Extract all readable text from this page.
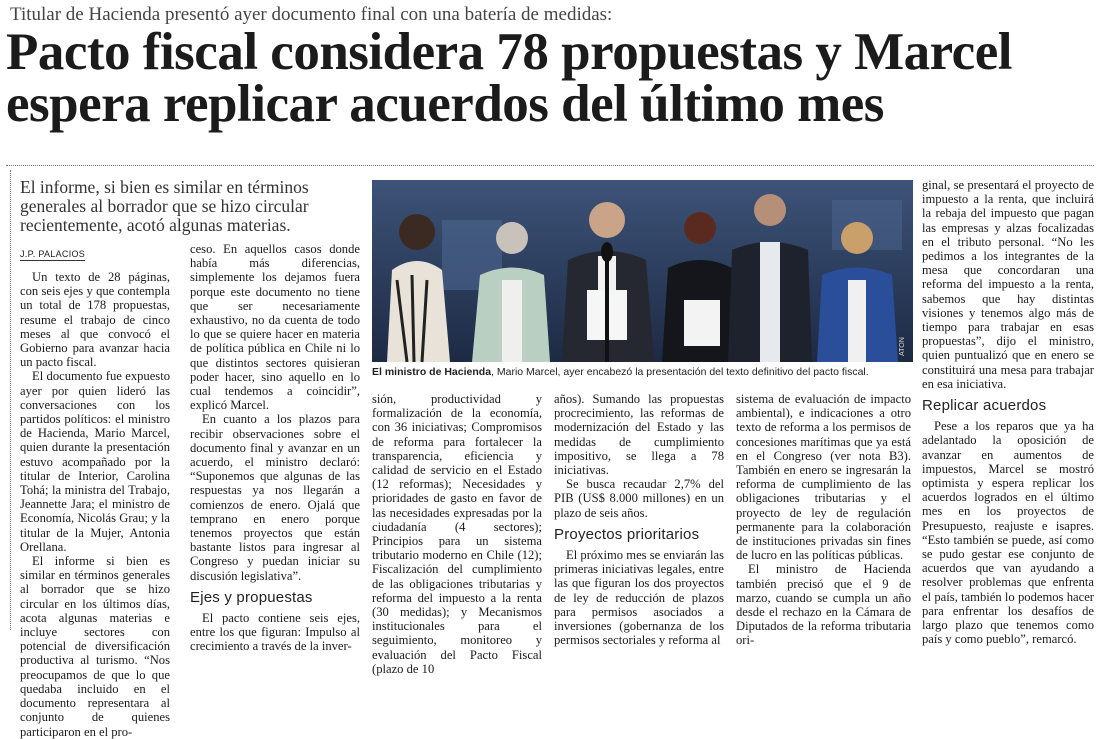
Titular de Hacienda presentó ayer documento final con una batería de medidas:
Pacto fiscal considera 78 propuestas y Marcel espera replicar acuerdos del último mes
El informe, si bien es similar en términos generales al borrador que se hizo circular recientemente, acotó algunas materias.
J.P. PALACIOS

Un texto de 28 páginas, con seis ejes y que contempla un total de 178 propuestas, resume el trabajo de cinco meses al que convocó el Gobierno para avanzar hacia un pacto fiscal.

El documento fue expuesto ayer por quien lideró las conversaciones con los partidos políticos: el ministro de Hacienda, Mario Marcel, quien durante la presentación estuvo acompañado por la titular de Interior, Carolina Tohá; la ministra del Trabajo, Jeannette Jara; el ministro de Economía, Nicolás Grau; y la titular de la Mujer, Antonia Orellana.

El informe si bien es similar en términos generales al borrador que se hizo circular en los últimos días, acota algunas materias e incluye sectores con potencial de diversificación productiva al turismo. “Nos preocupamos de que lo que quedaba incluido en el documento representara al conjunto de quienes participaron en el pro-

ceso. En aquellos casos donde había más diferencias, simplemente los dejamos fuera porque este documento no tiene que ser necesariamente exhaustivo, no da cuenta de todo lo que se quiere hacer en materia de política pública en Chile ni lo que distintos sectores quisieran poder hacer, sino aquello en lo cual tendemos a coincidir”, explicó Marcel.

En cuanto a los plazos para recibir observaciones sobre el documento final y avanzar en un acuerdo, el ministro declaró: “Suponemos que algunas de las respuestas ya nos llegarán a comienzos de enero. Ojalá que temprano en enero porque tenemos proyectos que están bastante listos para ingresar al Congreso y puedan iniciar su discusión legislativa”.

Ejes y propuestas

El pacto contiene seis ejes, entre los que figuran: Impulso al crecimiento a través de la inver-

ATON
El ministro de Hacienda, Mario Marcel, ayer encabezó la presentación del texto definitivo del pacto fiscal.

sión, productividad y formalización de la economía, con 36 iniciativas; Compromisos de reforma para fortalecer la transparencia, eficiencia y calidad de servicio en el Estado (12 reformas); Necesidades y prioridades de gasto en favor de las necesidades expresadas por la ciudadanía (4 sectores); Principios para un sistema tributario moderno en Chile (12); Fiscalización del cumplimiento de las obligaciones tributarias y reforma del impuesto a la renta (30 medidas); y Mecanismos institucionales para el seguimiento, monitoreo y evaluación del Pacto Fiscal (plazo de 10

años). Sumando las propuestas procrecimiento, las reformas de modernización del Estado y las medidas de cumplimiento impositivo, se llega a 78 iniciativas.

Se busca recaudar 2,7% del PIB (US$ 8.000 millones) en un plazo de seis años.

Proyectos prioritarios

El próximo mes se enviarán las primeras iniciativas legales, entre las que figuran los dos proyectos de ley de reducción de plazos para permisos asociados a inversiones (gobernanza de los permisos sectoriales y reforma al

sistema de evaluación de impacto ambiental), e indicaciones a otro texto de reforma a los permisos de concesiones marítimas que ya está en el Congreso (ver nota B3). También en enero se ingresarán la reforma de cumplimiento de las obligaciones tributarias y el proyecto de ley de regulación permanente para la colaboración de instituciones privadas sin fines de lucro en las políticas públicas.

El ministro de Hacienda también precisó que el 9 de marzo, cuando se cumpla un año desde el rechazo en la Cámara de Diputados de la reforma tributaria ori-

ginal, se presentará el proyecto de impuesto a la renta, que incluirá la rebaja del impuesto que pagan las empresas y alzas focalizadas en el tributo personal. “No les pedimos a los integrantes de la mesa que concordaran una reforma del impuesto a la renta, sabemos que hay distintas visiones y tenemos algo más de tiempo para trabajar en esas propuestas”, dijo el ministro, quien puntualizó que en enero se constituirá una mesa para trabajar en esa iniciativa.

Replicar acuerdos

Pese a los reparos que ya ha adelantado la oposición de avanzar en aumentos de impuestos, Marcel se mostró optimista y espera replicar los acuerdos logrados en el último mes en los proyectos de Presupuesto, reajuste e isapres. “Esto también se puede, así como se pudo gestar ese conjunto de acuerdos que van ayudando a resolver problemas que enfrenta el país, también lo podemos hacer para enfrentar los desafíos de largo plazo que tenemos como país y como pueblo”, remarcó.
